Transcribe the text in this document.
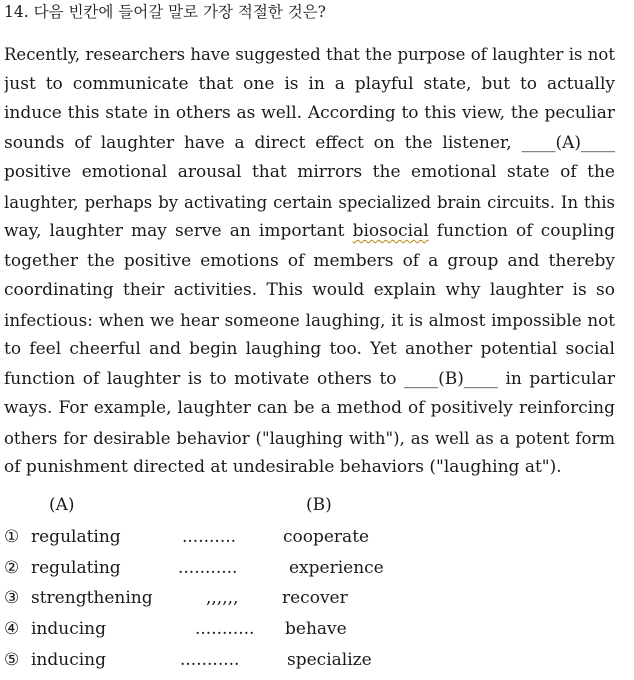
14. 다음 빈칸에 들어갈 말로 가장 적절한 것은?
Recently, researchers have suggested that the purpose of laughter is not
just to communicate that one is in a playful state, but to actually
induce this state in others as well. According to this view, the peculiar
sounds of laughter have a direct effect on the listener, ____(A)____
positive emotional arousal that mirrors the emotional state of the
laughter, perhaps by activating certain specialized brain circuits. In this
way, laughter may serve an important biosocial function of coupling
together the positive emotions of members of a group and thereby
coordinating their activities. This would explain why laughter is so
infectious: when we hear someone laughing, it is almost impossible not
to feel cheerful and begin laughing too. Yet another potential social
function of laughter is to motivate others to ____(B)____ in particular
ways. For example, laughter can be a method of positively reinforcing
others for desirable behavior ("laughing with"), as well as a potent form
of punishment directed at undesirable behaviors ("laughing at").
(A)	(B)
① regulating	..........	cooperate
② regulating	...........	experience
③ strengthening	,,,,,,	recover
④ inducing	........... behave
⑤ inducing	...........	specialize
